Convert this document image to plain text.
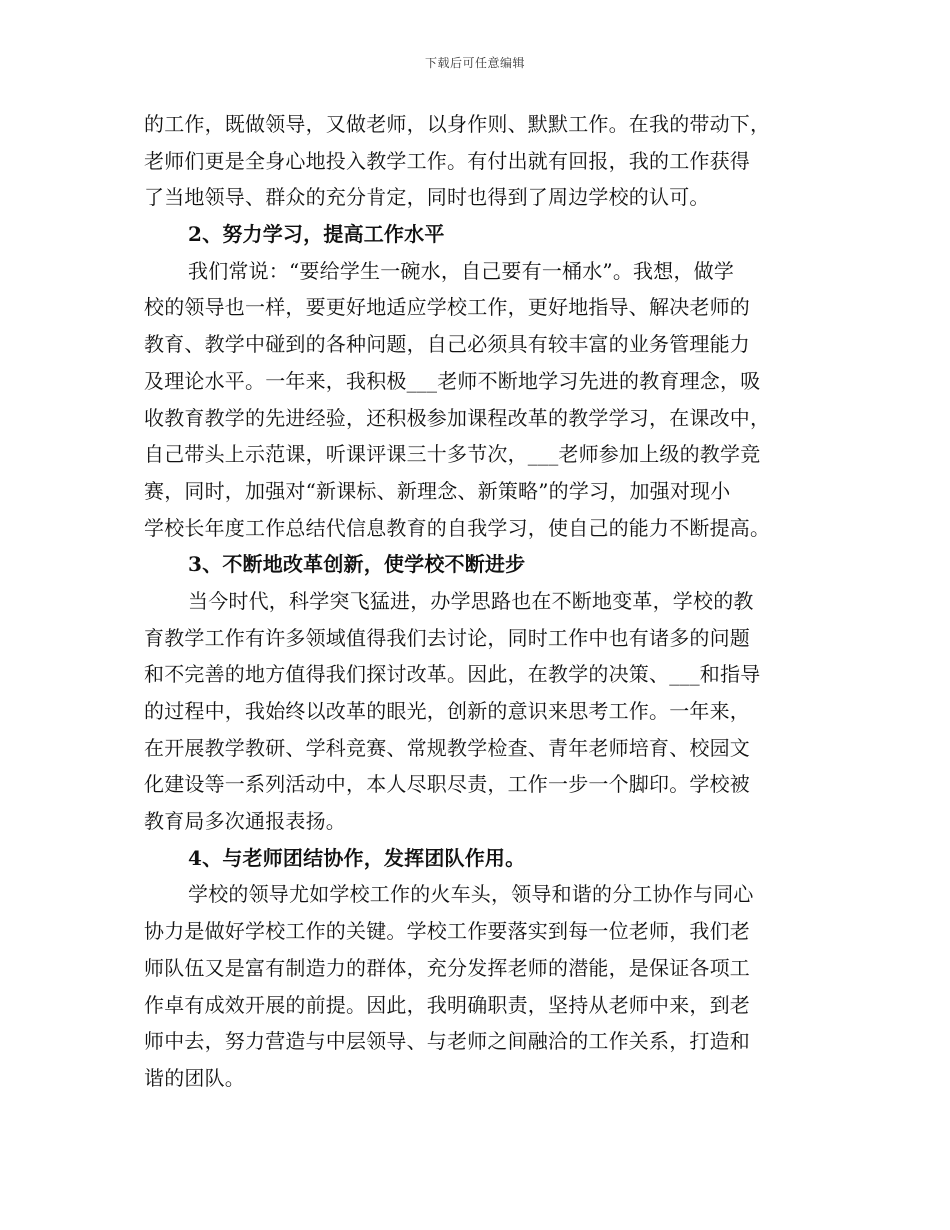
下载后可任意编辑
的工作，既做领导，又做老师，以身作则、默默工作。在我的带动下，
老师们更是全身心地投入教学工作。有付出就有回报，我的工作获得
了当地领导、群众的充分肯定，同时也得到了周边学校的认可。
2、努力学习，提高工作水平
我们常说：“要给学生一碗水，自己要有一桶水”。我想，做学
校的领导也一样，要更好地适应学校工作，更好地指导、解决老师的
教育、教学中碰到的各种问题，自己必须具有较丰富的业务管理能力
及理论水平。一年来，我积极___老师不断地学习先进的教育理念，吸
收教育教学的先进经验，还积极参加课程改革的教学学习，在课改中，
自己带头上示范课，听课评课三十多节次，___老师参加上级的教学竞
赛，同时，加强对“新课标、新理念、新策略”的学习，加强对现小
学校长年度工作总结代信息教育的自我学习，使自己的能力不断提高。
3、不断地改革创新，使学校不断进步
当今时代，科学突飞猛进，办学思路也在不断地变革，学校的教
育教学工作有许多领域值得我们去讨论，同时工作中也有诸多的问题
和不完善的地方值得我们探讨改革。因此，在教学的决策、___和指导
的过程中，我始终以改革的眼光，创新的意识来思考工作。一年来，
在开展教学教研、学科竞赛、常规教学检查、青年老师培育、校园文
化建设等一系列活动中，本人尽职尽责，工作一步一个脚印。学校被
教育局多次通报表扬。
4、与老师团结协作，发挥团队作用。
学校的领导尤如学校工作的火车头，领导和谐的分工协作与同心
协力是做好学校工作的关键。学校工作要落实到每一位老师，我们老
师队伍又是富有制造力的群体，充分发挥老师的潜能，是保证各项工
作卓有成效开展的前提。因此，我明确职责，坚持从老师中来，到老
师中去，努力营造与中层领导、与老师之间融洽的工作关系，打造和
谐的团队。
